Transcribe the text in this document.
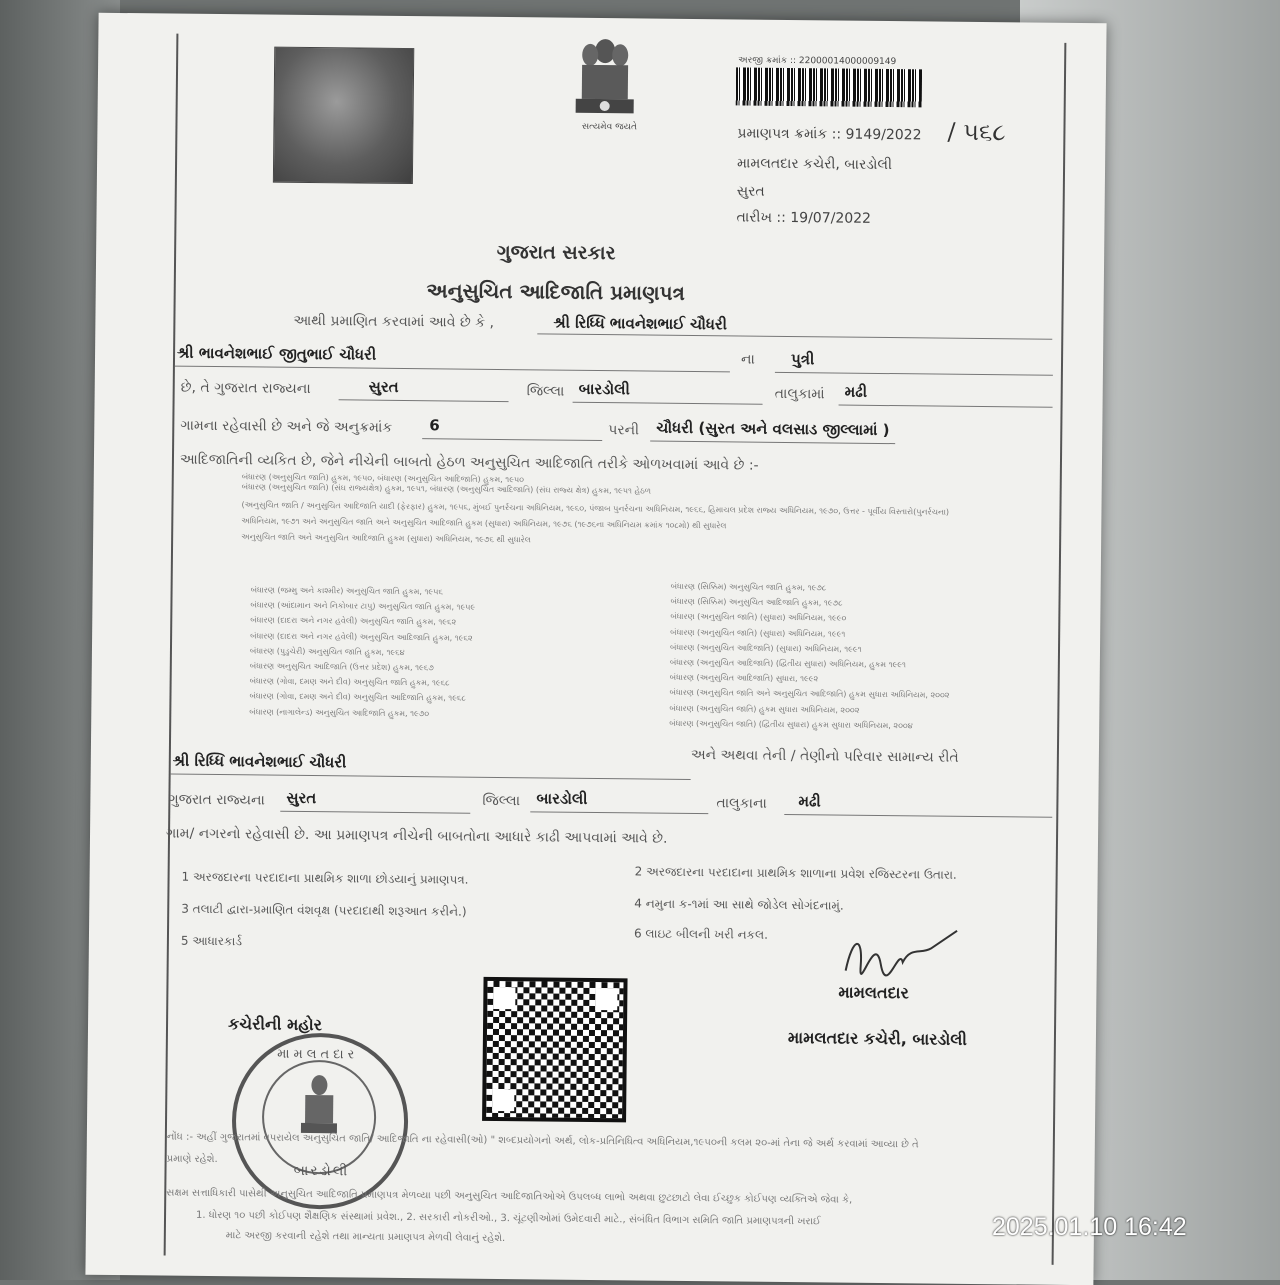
સત્યમેવ જયતે
અરજી ક્રમાંક :: 22000014000009149
પ્રમાણપત્ર ક્રમાંક :: 9149/2022 / ૫૬૮
મામલતદાર કચેરી, બારડોલી
સુરત
તારીખ :: 19/07/2022
ગુજરાત સરકાર
અનુસુચિત આદિજાતિ પ્રમાણપત્ર
આથી પ્રમાણિત કરવામાં આવે છે કે ,	શ્રી રિધ્ધિ ભાવનેશભાઈ ચૌધરી
શ્રી ભાવનેશભાઈ જીતુભાઈ ચૌધરી	ના પુત્રી
છે, તે ગુજરાત રાજ્યના	સુરત	જિલ્લા બારડોલી	તાલુકામાં મઢી
ગામના રહેવાસી છે અને જે અનુક્રમાંક 6	પરની ચૌધરી (સુરત અને વલસાડ જીલ્લામાં )
આદિજાતિની વ્યકિત છે, જેને નીચેની બાબતો હેઠળ અનુસુચિત આદિજાતિ તરીકે ઓળખવામાં આવે છે :-
બંધારણ (અનુસુચિત જાતિ) હુકમ, ૧૯૫૦, બંધારણ (અનુસુચિત આદિજાતિ) હુકમ, ૧૯૫૦
બંધારણ (અનુસુચિત જાતિ) (સંઘ રાજ્યક્ષેત્ર) હુકમ, ૧૯૫૧, બંધારણ (અનુસુચિત આદિજાતિ) (સંઘ રાજ્ય ક્ષેત્ર) હુકમ, ૧૯૫૧ હેઠળ
(અનુસુચિત જાતિ / અનુસુચિત આદિજાતિ યાદી (ફેરફાર) હુકમ, ૧૯૫૬, મુંબઈ પુનર્રચના અધિનિયમ, ૧૯૬૦, પંજાબ પુનર્રચના અધિનિયમ, ૧૯૬૬, હિમાચલ પ્રદેશ રાજ્ય અધિનિયમ, ૧૯૭૦, ઉત્તર - પૂર્વીય વિસ્તારો(પુનર્રચના)
અધિનિયમ, ૧૯૭૧ અને અનુસુચિત જાતિ અને અનુસુચિત આદિજાતિ હુકમ (સુધારા) અધિનિયમ, ૧૯૭૬ (૧૯૭૬ના અધિનિયમ ક્રમાંક ૧૦૮મો) થી સુધારેલ
અનુસુચિત જાતિ અને અનુસુચિત આદિજાતિ હુકમ (સુધારા) અધિનિયમ, ૧૯૭૬ થી સુધારેલ
બંધારણ (જમ્મુ અને કાશ્મીર) અનુસુચિત જાતિ હુકમ, ૧૯૫૬
બંધારણ (આંદામાન અને નિકોબાર ટાપુ) અનુસુચિત જાતિ હુકમ, ૧૯૫૯
બંધારણ (દાદરા અને નગર હવેલી) અનુસુચિત જાતિ હુકમ, ૧૯૬૨
બંધારણ (દાદરા અને નગર હવેલી) અનુસુચિત આદિજાતિ હુકમ, ૧૯૬૨
બંધારણ (પુડુચેરી) અનુસુચિત જાતિ હુકમ, ૧૯૬૪
બંધારણ અનુસુચિત આદિજાતિ (ઉત્તર પ્રદેશ) હુકમ, ૧૯૬૭
બંધારણ (ગોવા, દમણ અને દીવ) અનુસુચિત જાતિ હુકમ, ૧૯૬૮
બંધારણ (ગોવા, દમણ અને દીવ) અનુસુચિત આદિજાતિ હુકમ, ૧૯૬૮
બંધારણ (નાગાલેન્ડ) અનુસુચિત આદિજાતિ હુકમ, ૧૯૭૦
બંધારણ (સિક્કિમ) અનુસુચિત જાતિ હુકમ, ૧૯૭૮
બંધારણ (સિક્કિમ) અનુસુચિત આદિજાતિ હુકમ, ૧૯૭૮
બંધારણ (અનુસુચિત જાતિ) (સુધારા) અધિનિયમ, ૧૯૯૦
બંધારણ (અનુસુચિત જાતિ) (સુધારા) અધિનિયમ, ૧૯૯૧
બંધારણ (અનુસુચિત આદિજાતિ) (સુધારા) અધિનિયમ, ૧૯૯૧
બંધારણ (અનુસુચિત આદિજાતિ) (દ્વિતીય સુધારા) અધિનિયમ, હુકમ ૧૯૯૧
બંધારણ (અનુસુચિત આદિજાતિ) સુધારા, ૧૯૯૨
બંધારણ (અનુસુચિત જાતિ અને અનુસુચિત આદિજાતિ) હુકમ સુધારા અધિનિયમ, ૨૦૦૨
બંધારણ (અનુસુચિત જાતિ) હુકમ સુધારા અધિનિયમ, ૨૦૦૨
બંધારણ (અનુસુચિત જાતિ) (દ્વિતીય સુધારા) હુકમ સુધારા અધિનિયમ, ૨૦૦૪
શ્રી રિધ્ધિ ભાવનેશભાઈ ચૌધરી	અને અથવા તેની / તેણીનો પરિવાર સામાન્ય રીતે
ગુજરાત રાજ્યના સુરત	જિલ્લા બારડોલી	તાલુકાના મઢી
ગામ/ નગરનો રહેવાસી છે. આ પ્રમાણપત્ર નીચેની બાબતોના આધારે કાઢી આપવામાં આવે છે.
1 અરજદારના પરદાદાના પ્રાથમિક શાળા છોડયાનું પ્રમાણપત્ર.	2 અરજદારના પરદાદાના પ્રાથમિક શાળાના પ્રવેશ રજિસ્ટરના ઉતારા.
3 તલાટી દ્વારા-પ્રમાણિત વંશવૃક્ષ (પરદાદાથી શરૂઆત કરીને.)	4 નમુના ક-૧માં આ સાથે જોડેલ સોગંદનામું.
5 આધારકાર્ડ	6 લાઇટ બીલની ખરી નકલ.
મામલતદાર
મામલતદાર કચેરી, બારડોલી
કચેરીની મહોર
મામલતદાર
બારડોલી
નોંધ :- અહીં ગુજરાતમાં વપરાયેલ અનુસુચિત જાતિ/ આદિજાતિ ના રહેવાસી(ઓ) " શબ્દપ્રયોગનો અર્થ, લોક-પ્રતિનિધિત્વ અધિનિયમ,૧૯૫૦ની કલમ ૨૦-માં તેના જે અર્થ કરવામાં આવ્યા છે તે
પ્રમાણે રહેશે.
સક્ષમ સત્તાધિકારી પાસેથી અનુસુચિત આદિજાતિ પ્રમાણપત્ર મેળવ્યા પછી અનુસુચિત આદિજાતિઓએ ઉપલબ્ધ લાભો અથવા છુટછાટો લેવા ઈચ્છુક કોઈપણ વ્યક્તિએ જેવા કે,
1. ધોરણ ૧૦ પછી કોઈપણ શૈક્ષણિક સંસ્થામાં પ્રવેશ., 2. સરકારી નોકરીઓ., 3. ચૂંટણીઓમાં ઉમેદવારી માટે., સંબંધિત વિભાગ સમિતિ જાતિ પ્રમાણપત્રની ખરાઈ
માટે અરજી કરવાની રહેશે તથા માન્યતા પ્રમાણપત્ર મેળવી લેવાનું રહેશે.	2025.01.10 16:42
